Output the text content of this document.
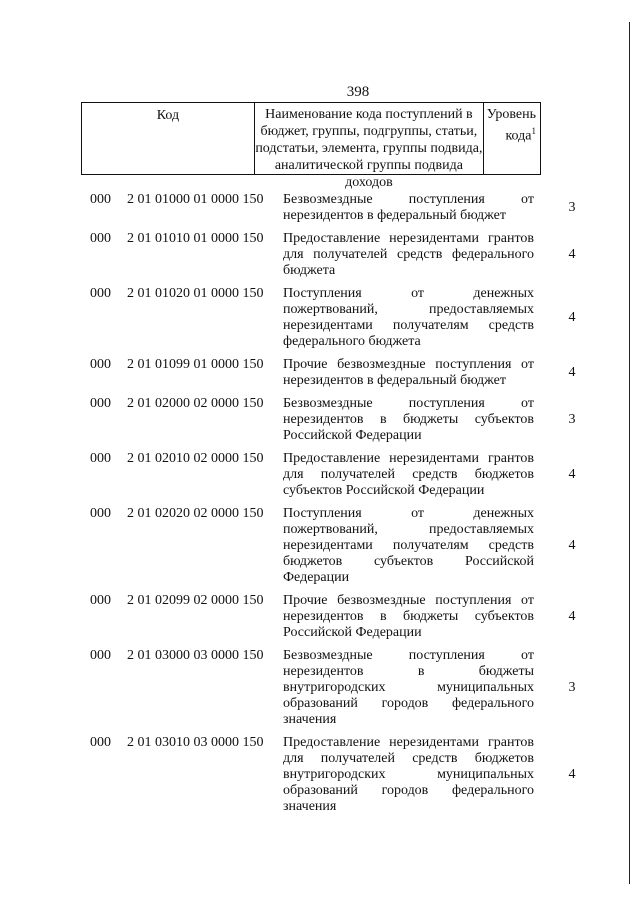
398
Код	Наименование кода поступлений в бюджет, группы, подгруппы, статьи, подстатьи, элемента, группы подвида, аналитической группы подвида доходов
Уровень кода$^1$
000 2 01 01000 01 0000 150 Безвозмездные поступления от нерезидентов в федеральный бюджет
3
000 2 01 01010 01 0000 150 Предоставление нерезидентами грантов для получателей средств федерального бюджета
4
000 2 01 01020 01 0000 150 Поступления от денежных пожертвований, предоставляемых нерезидентами получателям средств федерального бюджета
4
000 2 01 01099 01 0000 150 Прочие безвозмездные поступления от нерезидентов в федеральный бюджет
4
000 2 01 02000 02 0000 150 Безвозмездные поступления от нерезидентов в бюджеты субъектов Российской Федерации
3
000 2 01 02010 02 0000 150 Предоставление нерезидентами грантов для получателей средств бюджетов субъектов Российской Федерации
4
000 2 01 02020 02 0000 150 Поступления от денежных пожертвований, предоставляемых нерезидентами получателям средств бюджетов субъектов Российской Федерации
4
000 2 01 02099 02 0000 150 Прочие безвозмездные поступления от нерезидентов в бюджеты субъектов Российской Федерации
4
000 2 01 03000 03 0000 150 Безвозмездные поступления от нерезидентов в бюджеты внутригородских муниципальных образований городов федерального значения
3
000 2 01 03010 03 0000 150 Предоставление нерезидентами грантов для получателей средств бюджетов внутригородских муниципальных образований городов федерального значения
4
